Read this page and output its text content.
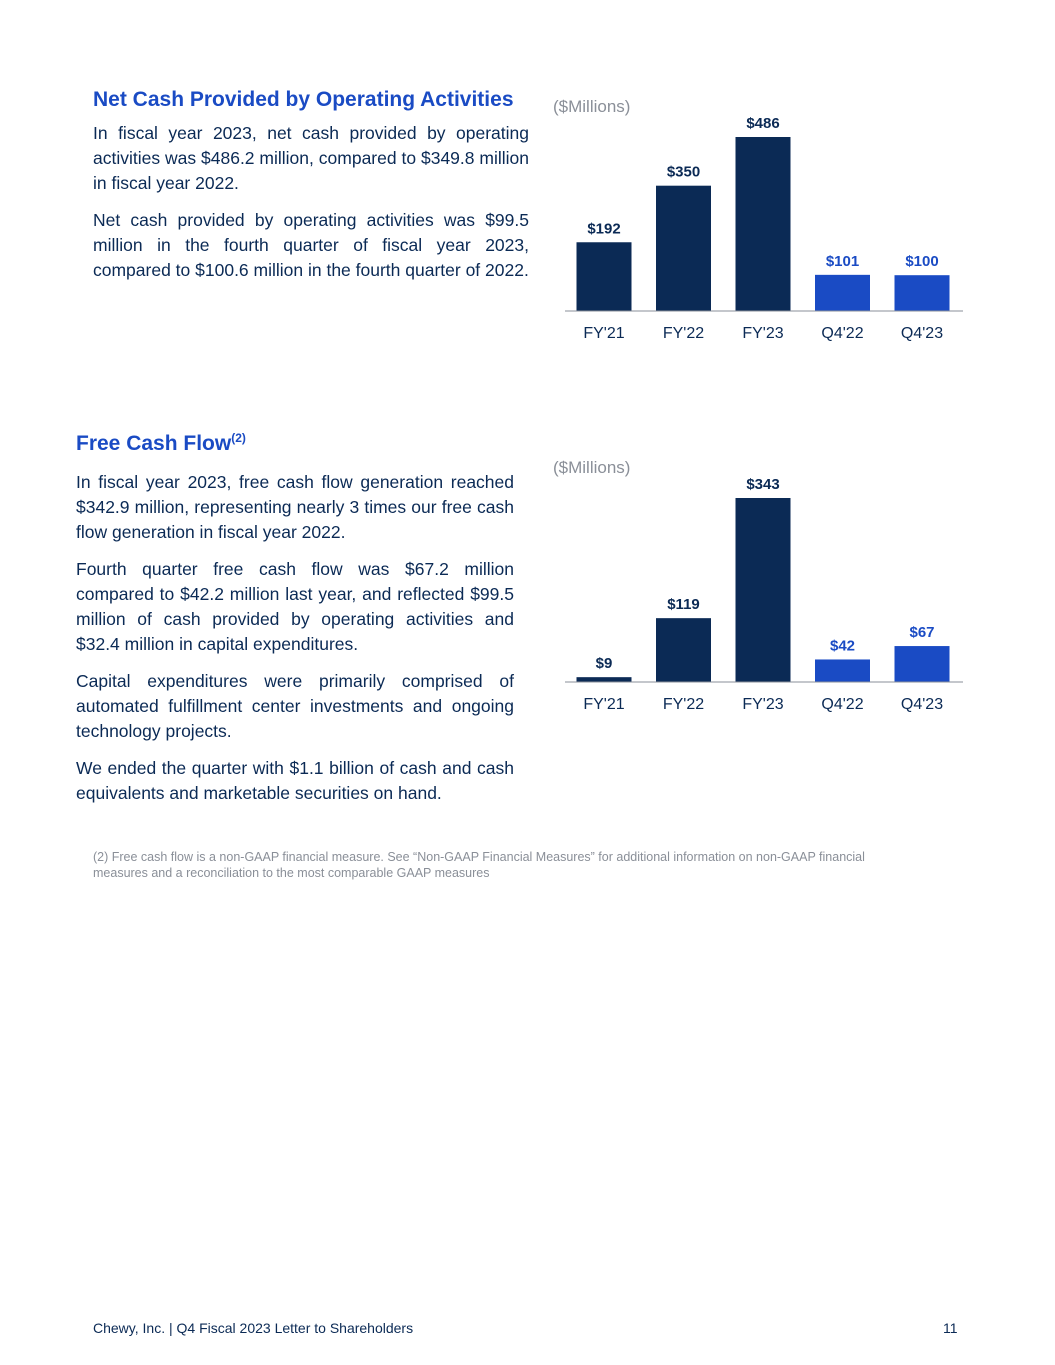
Net Cash Provided by Operating Activities

In fiscal year 2023, net cash provided by operating activities was $486.2 million, compared to $349.8 million in fiscal year 2022.

Net cash provided by operating activities was $99.5 million in the fourth quarter of fiscal year 2023, compared to $100.6 million in the fourth quarter of 2022.

($Millions)
$192
FY'21
$350
FY'22
$486
FY'23
$101
Q4'22
$100
Q4'23
Free Cash Flow$^{(2)}$

In fiscal year 2023, free cash flow generation reached $342.9 million, representing nearly 3 times our free cash flow generation in fiscal year 2022.

Fourth quarter free cash flow was $67.2 million compared to $42.2 million last year, and reflected $99.5 million of cash provided by operating activities and $32.4 million in capital expenditures.

Capital expenditures were primarily comprised of automated fulfillment center investments and ongoing technology projects.

We ended the quarter with $1.1 billion of cash and cash equivalents and marketable securities on hand.

($Millions)
$9
FY'21
$119
FY'22
$343
FY'23
$42
Q4'22
$67
Q4'23

(2) Free cash flow is a non-GAAP financial measure. See “Non-GAAP Financial Measures” for additional information on non-GAAP financial measures and a reconciliation to the most comparable GAAP measures

Chewy, Inc. | Q4 Fiscal 2023 Letter to Shareholders	11
